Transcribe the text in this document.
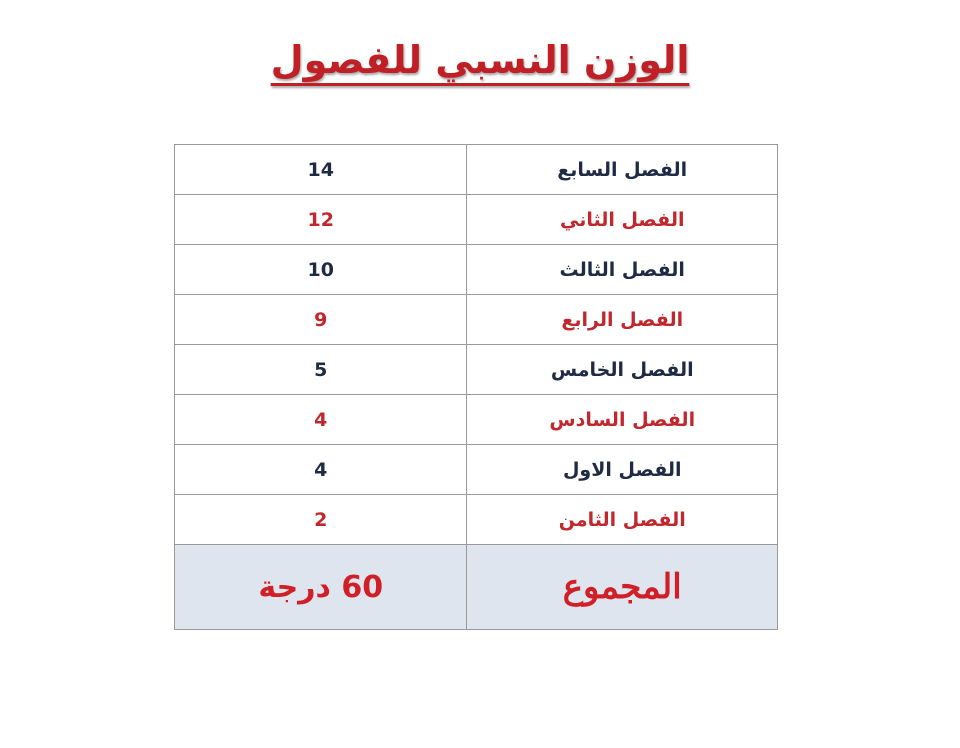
الوزن النسبي للفصول
الفصل السابع	14
الفصل الثاني	12
الفصل الثالث	10
الفصل الرابع	9
الفصل الخامس	5
الفصل السادس	4
الفصل الاول	4
الفصل الثامن	2
المجموع	60 درجة
